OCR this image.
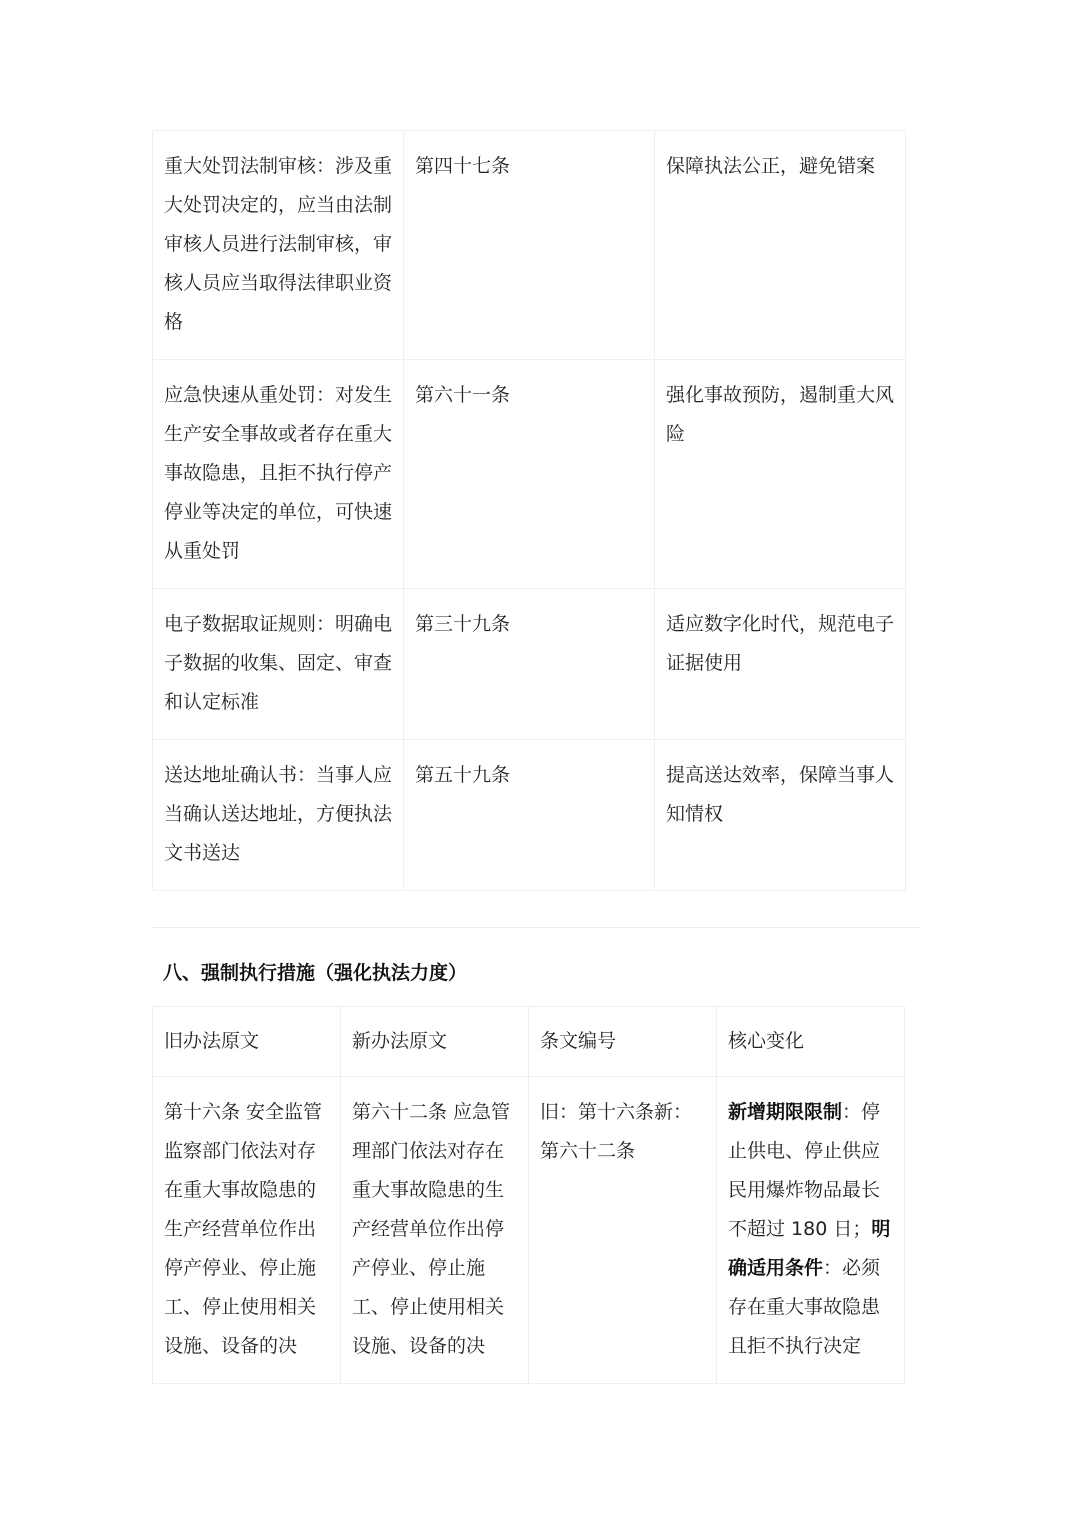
重大处罚法制审核：涉及重大处罚决定的，应当由法制审核人员进行法制审核，审核人员应当取得法律职业资格	第四十七条	保障执法公正，避免错案
应急快速从重处罚：对发生生产安全事故或者存在重大事故隐患，且拒不执行停产停业等决定的单位，可快速从重处罚	第六十一条	强化事故预防，遏制重大风险
电子数据取证规则：明确电子数据的收集、固定、审查和认定标准	第三十九条	适应数字化时代，规范电子证据使用
送达地址确认书：当事人应当确认送达地址，方便执法文书送达	第五十九条	提高送达效率，保障当事人知情权
八、强制执行措施（强化执法力度）
旧办法原文	新办法原文	条文编号	核心变化
第十六条 安全监管监察部门依法对存在重大事故隐患的生产经营单位作出停产停业、停止施工、停止使用相关设施、设备的决	第六十二条 应急管理部门依法对存在重大事故隐患的生产经营单位作出停产停业、停止施工、停止使用相关设施、设备的决	旧：第十六条新：第六十二条	新增期限限制：停止供电、停止供应民用爆炸物品最长不超过 180 日；明确适用条件：必须存在重大事故隐患且拒不执行决定
